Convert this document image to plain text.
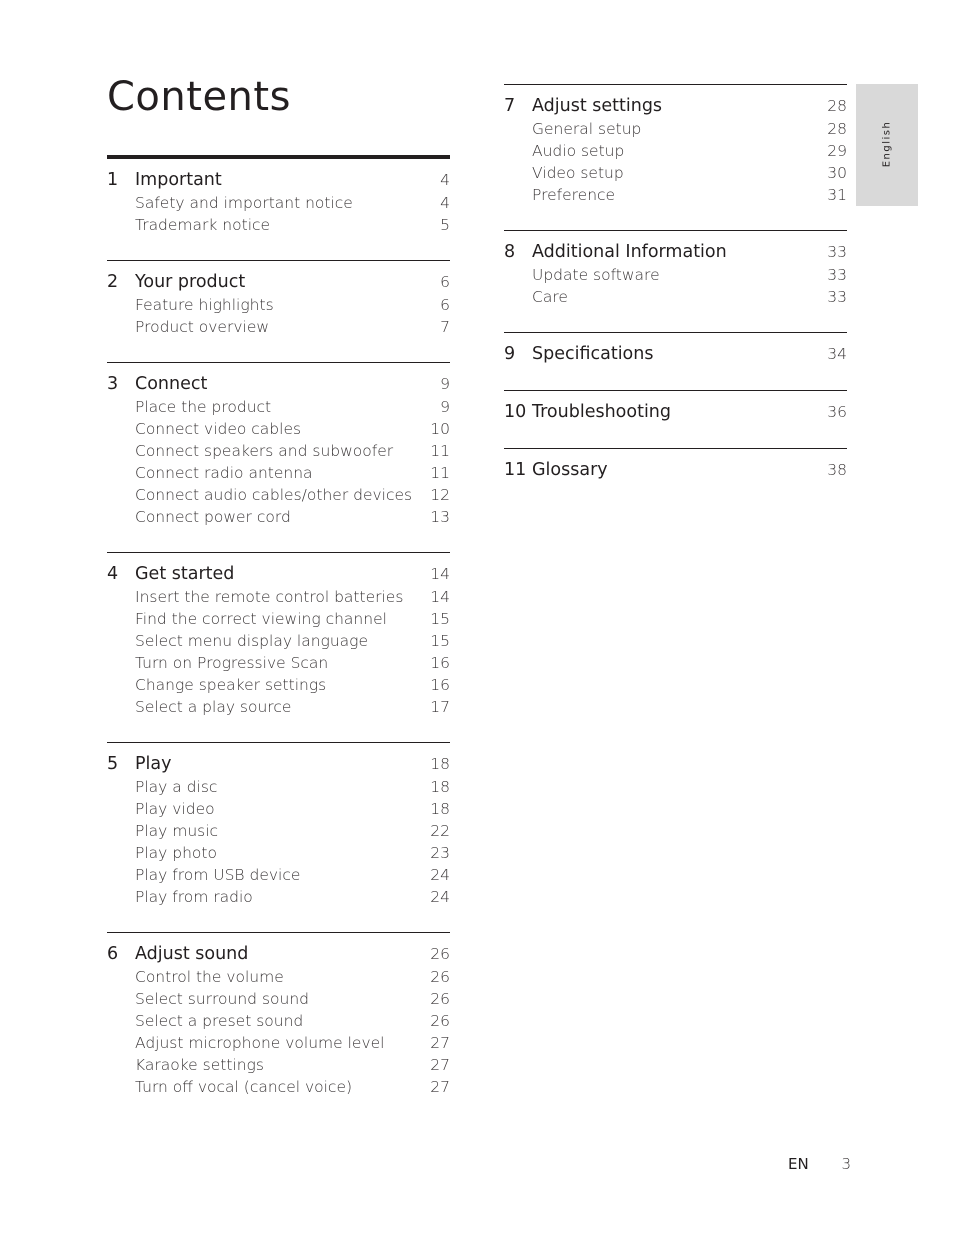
Contents
1 Important	4
Safety and important notice	4
Trademark notice	5
2 Your product	6
Feature highlights	6
Product overview	7
3 Connect	9
Place the product	9
Connect video cables	10
Connect speakers and subwoofer	11
Connect radio antenna	11
Connect audio cables/other devices	12
Connect power cord	13
4 Get started	14
Insert the remote control batteries	14
Find the correct viewing channel	15
Select menu display language	15
Turn on Progressive Scan	16
Change speaker settings	16
Select a play source	17
5 Play	18
Play a disc	18
Play video	18
Play music	22
Play photo	23
Play from USB device	24
Play from radio	24
6 Adjust sound	26
Control the volume	26
Select surround sound	26
Select a preset sound	26
Adjust microphone volume level	27
Karaoke settings	27
Turn off vocal (cancel voice)	27
7 Adjust settings	28
General setup	28
Audio setup	29
Video setup	30
Preference	31
8 Additional Information	33
Update software	33
Care	33
9 Specifications	34
10 Troubleshooting	36
11 Glossary	38
English
EN 3
